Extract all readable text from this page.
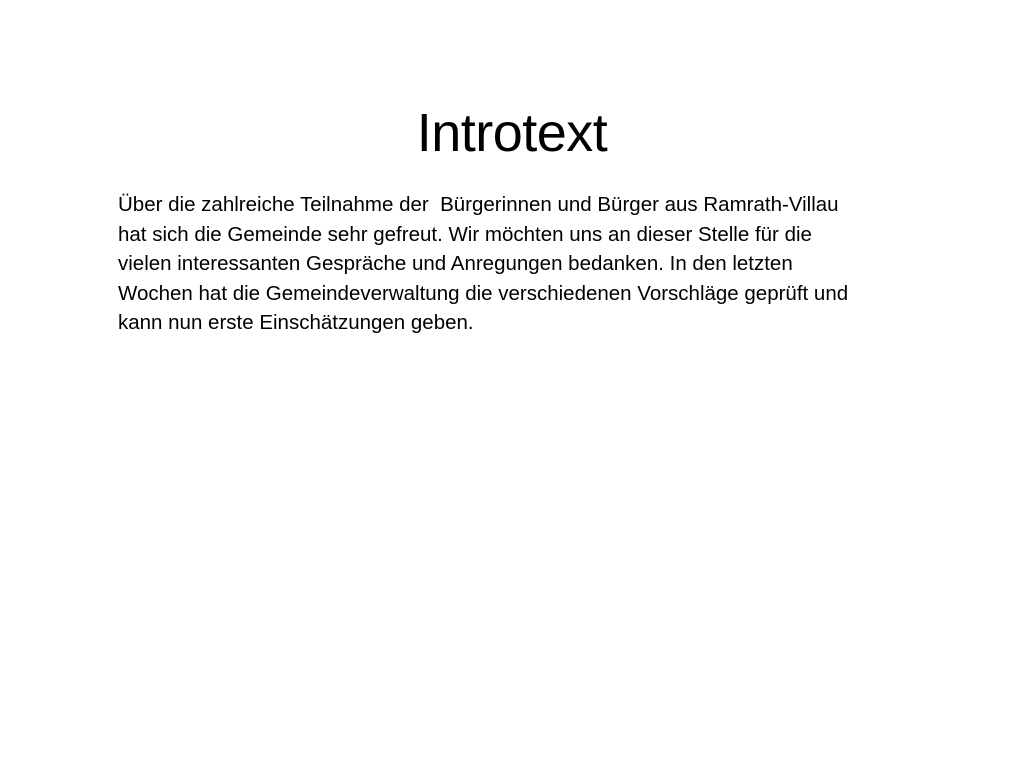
Introtext
Über die zahlreiche Teilnahme der  Bürgerinnen und Bürger aus Ramrath-Villau
hat sich die Gemeinde sehr gefreut. Wir möchten uns an dieser Stelle für die
vielen interessanten Gespräche und Anregungen bedanken. In den letzten
Wochen hat die Gemeindeverwaltung die verschiedenen Vorschläge geprüft und
kann nun erste Einschätzungen geben.
